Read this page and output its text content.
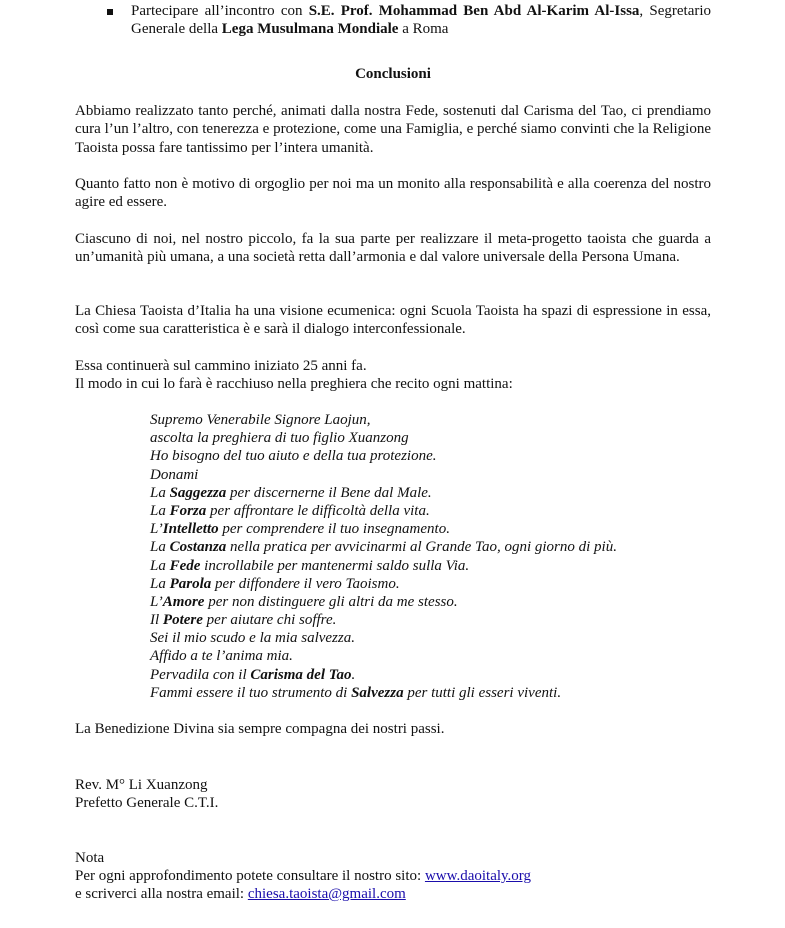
Partecipare all’incontro con S.E. Prof. Mohammad Ben Abd Al-Karim Al-Issa, Segretario Generale della Lega Musulmana Mondiale a Roma
Conclusioni
Abbiamo realizzato tanto perché, animati dalla nostra Fede, sostenuti dal Carisma del Tao, ci prendiamo cura l’un l’altro, con tenerezza e protezione, come una Famiglia, e perché siamo convinti che la Religione Taoista possa fare tantissimo per l’intera umanità.
Quanto fatto non è motivo di orgoglio per noi ma un monito alla responsabilità e alla coerenza del nostro agire ed essere.
Ciascuno di noi, nel nostro piccolo, fa la sua parte per realizzare il meta-progetto taoista che guarda a un’umanità più umana, a una società retta dall’armonia e dal valore universale della Persona Umana.
La Chiesa Taoista d’Italia ha una visione ecumenica: ogni Scuola Taoista ha spazi di espressione in essa, così come sua caratteristica è e sarà il dialogo interconfessionale.
Essa continuerà sul cammino iniziato 25 anni fa.
Il modo in cui lo farà è racchiuso nella preghiera che recito ogni mattina:
Supremo Venerabile Signore Laojun,
ascolta la preghiera di tuo figlio Xuanzong
Ho bisogno del tuo aiuto e della tua protezione.
Donami
La Saggezza per discernerne il Bene dal Male.
La Forza per affrontare le difficoltà della vita.
L’Intelletto per comprendere il tuo insegnamento.
La Costanza nella pratica per avvicinarmi al Grande Tao, ogni giorno di più.
La Fede incrollabile per mantenermi saldo sulla Via.
La Parola per diffondere il vero Taoismo.
L’Amore per non distinguere gli altri da me stesso.
Il Potere per aiutare chi soffre.
Sei il mio scudo e la mia salvezza.
Affido a te l’anima mia.
Pervadila con il Carisma del Tao.
Fammi essere il tuo strumento di Salvezza per tutti gli esseri viventi.
La Benedizione Divina sia sempre compagna dei nostri passi.
Rev. M° Li Xuanzong
Prefetto Generale C.T.I.
Nota
Per ogni approfondimento potete consultare il nostro sito: www.daoitaly.org
e scriverci alla nostra email: chiesa.taoista@gmail.com
